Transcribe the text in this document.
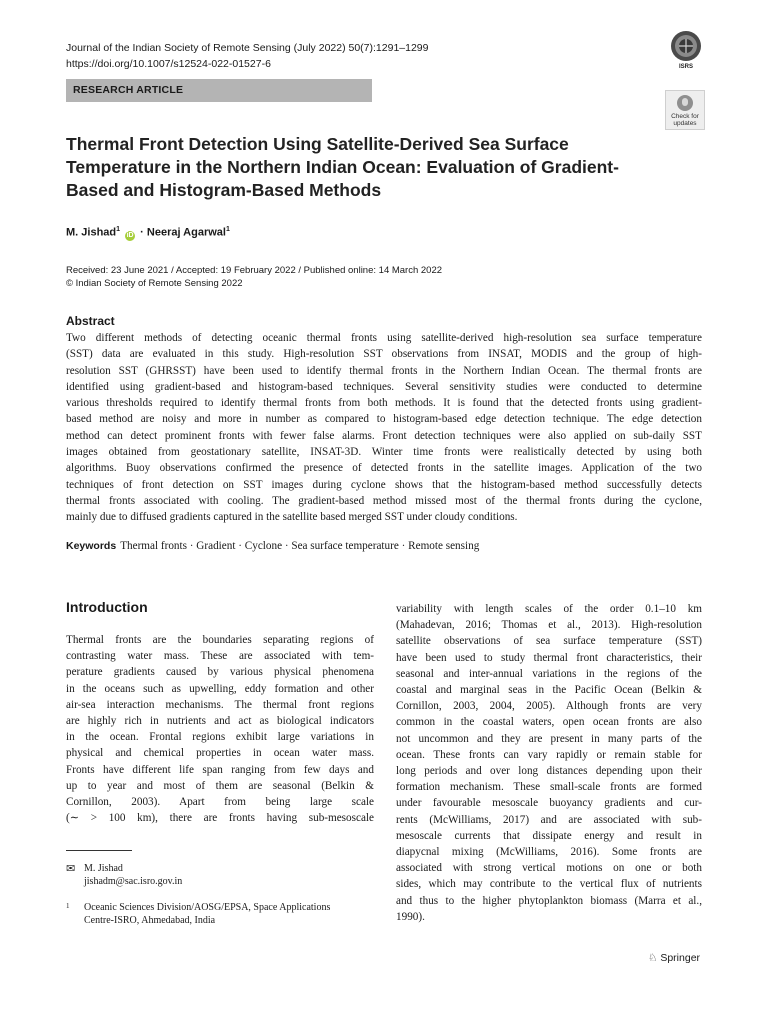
Journal of the Indian Society of Remote Sensing (July 2022) 50(7):1291–1299
https://doi.org/10.1007/s12524-022-01527-6	ISRS
RESEARCH ARTICLE
Check for
updates
Thermal Front Detection Using Satellite-Derived Sea Surface Temperature in the Northern Indian Ocean: Evaluation of Gradient-Based and Histogram-Based Methods
M. Jishad$^1$ iD · Neeraj Agarwal$^1$
Received: 23 June 2021 / Accepted: 19 February 2022 / Published online: 14 March 2022
© Indian Society of Remote Sensing 2022
Abstract
Two different methods of detecting oceanic thermal fronts using satellite-derived high-resolution sea surface temperature
(SST) data are evaluated in this study. High-resolution SST observations from INSAT, MODIS and the group of high-
resolution SST (GHRSST) have been used to identify thermal fronts in the Northern Indian Ocean. The thermal fronts are
identified using gradient-based and histogram-based techniques. Several sensitivity studies were conducted to determine
various thresholds required to identify thermal fronts from both methods. It is found that the detected fronts using gradient-
based method are noisy and more in number as compared to histogram-based edge detection technique. The edge detection
method can detect prominent fronts with fewer false alarms. Front detection techniques were also applied on sub-daily SST
images obtained from geostationary satellite, INSAT-3D. Winter time fronts were realistically detected by using both
algorithms. Buoy observations confirmed the presence of detected fronts in the satellite images. Application of the two
techniques of front detection on SST images during cyclone shows that the histogram-based method successfully detects
thermal fronts associated with cooling. The gradient-based method missed most of the thermal fronts during the cyclone,
mainly due to diffused gradients captured in the satellite based merged SST under cloudy conditions.
Keywords Thermal fronts · Gradient · Cyclone · Sea surface temperature · Remote sensing
Introduction
Thermal fronts are the boundaries separating regions of
contrasting water mass. These are associated with tem-
perature gradients caused by various physical phenomena
in the oceans such as upwelling, eddy formation and other
air-sea interaction mechanisms. The thermal front regions
are highly rich in nutrients and act as biological indicators
in the ocean. Frontal regions exhibit large variations in
physical and chemical properties in ocean water mass.
Fronts have different life span ranging from few days and
up to year and most of them are seasonal (Belkin &
Cornillon, 2003). Apart from being large scale
(∼ > 100 km), there are fronts having sub-mesoscale
variability with length scales of the order 0.1–10 km
(Mahadevan, 2016; Thomas et al., 2013). High-resolution
satellite observations of sea surface temperature (SST)
have been used to study thermal front characteristics, their
seasonal and inter-annual variations in the regions of the
coastal and marginal seas in the Pacific Ocean (Belkin &
Cornillon, 2003, 2004, 2005). Although fronts are very
common in the coastal waters, open ocean fronts are also
not uncommon and they are present in many parts of the
ocean. These fronts can vary rapidly or remain stable for
long periods and over long distances depending upon their
formation mechanism. These small-scale fronts are formed
under favourable mesoscale buoyancy gradients and cur-
rents (McWilliams, 2017) and are associated with sub-
mesoscale currents that dissipate energy and result in
diapycnal mixing (McWilliams, 2016). Some fronts are
associated with strong vertical motions on one or both
sides, which may contribute to the vertical flux of nutrients
and thus to the higher phytoplankton biomass (Marra et al.,
1990).
✉ M. Jishad
jishadm@sac.isro.gov.in
1 Oceanic Sciences Division/AOSG/EPSA, Space Applications
Centre-ISRO, Ahmedabad, India
♘ Springer
